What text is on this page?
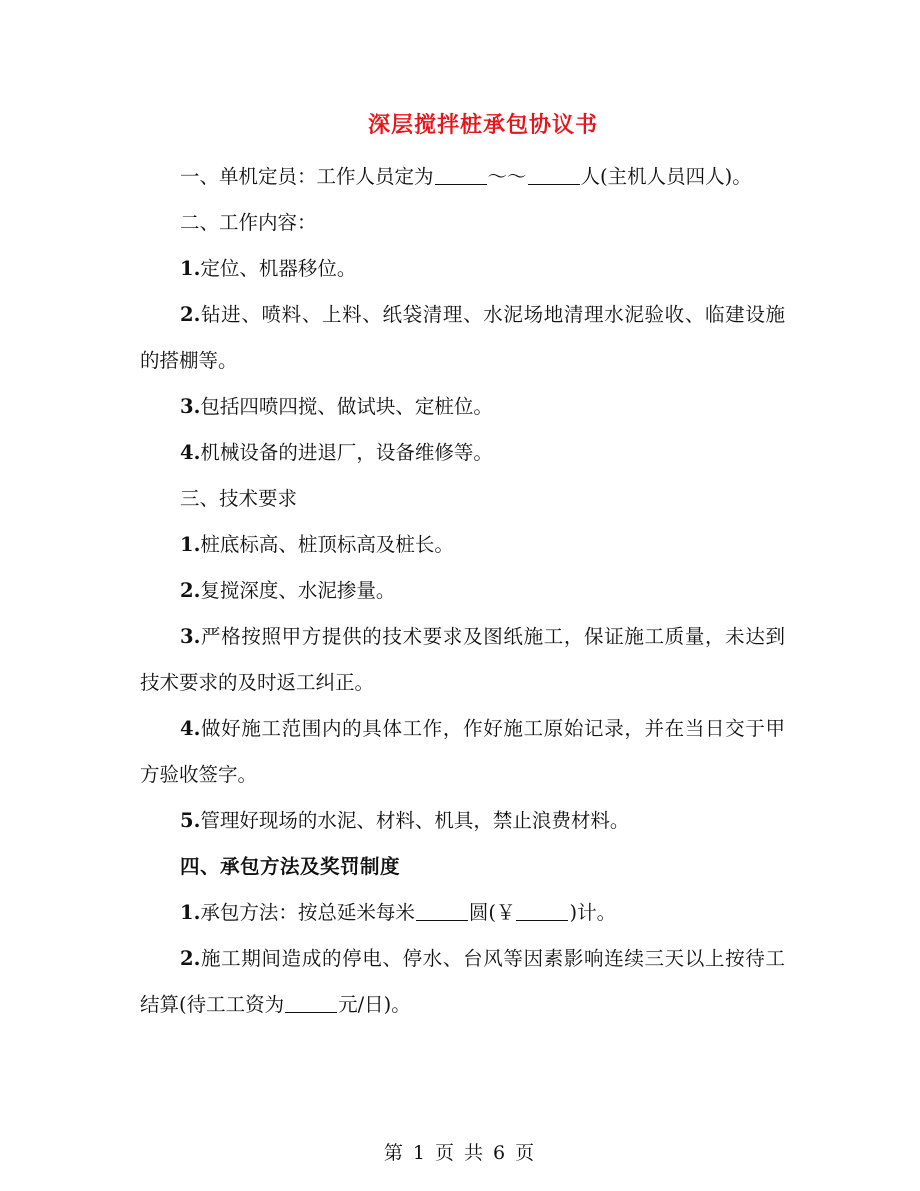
深层搅拌桩承包协议书

一、单机定员：工作人员定为	～～	人(主机人员四人)。

二、工作内容：

1.定位、机器移位。

2.钻进、喷料、上料、纸袋清理、水泥场地清理水泥验收、临建设施的搭棚等。

3.包括四喷四搅、做试块、定桩位。

4.机械设备的进退厂，设备维修等。

三、技术要求

1.桩底标高、桩顶标高及桩长。

2.复搅深度、水泥掺量。

3.严格按照甲方提供的技术要求及图纸施工，保证施工质量，未达到技术要求的及时返工纠正。

4.做好施工范围内的具体工作，作好施工原始记录，并在当日交于甲方验收签字。

5.管理好现场的水泥、材料、机具，禁止浪费材料。

四、承包方法及奖罚制度

1.承包方法：按总延米每米	圆(￥	)计。

2.施工期间造成的停电、停水、台风等因素影响连续三天以上按待工结算(待工工资为	元/日)。

第 1 页 共 6 页
